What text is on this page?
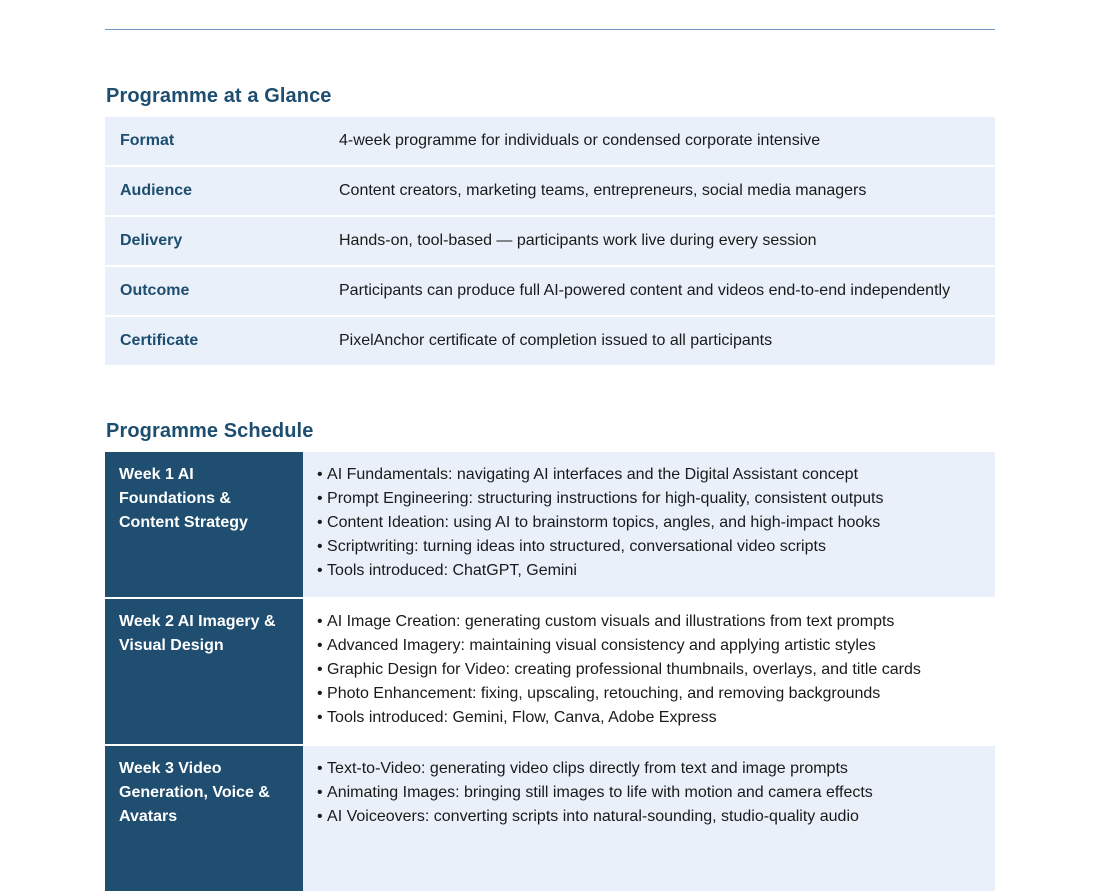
Programme at a Glance
Format	4-week programme for individuals or condensed corporate intensive
Audience	Content creators, marketing teams, entrepreneurs, social media managers
Delivery	Hands-on, tool-based — participants work live during every session
Outcome	Participants can produce full AI-powered content and videos end-to-end independently
Certificate	PixelAnchor certificate of completion issued to all participants
Programme Schedule
Week 1 AI Foundations & Content Strategy
• AI Fundamentals: navigating AI interfaces and the Digital Assistant concept
• Prompt Engineering: structuring instructions for high-quality, consistent outputs
• Content Ideation: using AI to brainstorm topics, angles, and high-impact hooks
• Scriptwriting: turning ideas into structured, conversational video scripts
• Tools introduced: ChatGPT, Gemini
Week 2 AI Imagery & Visual Design
• AI Image Creation: generating custom visuals and illustrations from text prompts
• Advanced Imagery: maintaining visual consistency and applying artistic styles
• Graphic Design for Video: creating professional thumbnails, overlays, and title cards
• Photo Enhancement: fixing, upscaling, retouching, and removing backgrounds
• Tools introduced: Gemini, Flow, Canva, Adobe Express
Week 3 Video Generation, Voice & Avatars
• Text-to-Video: generating video clips directly from text and image prompts
• Animating Images: bringing still images to life with motion and camera effects
• AI Voiceovers: converting scripts into natural-sounding, studio-quality audio
